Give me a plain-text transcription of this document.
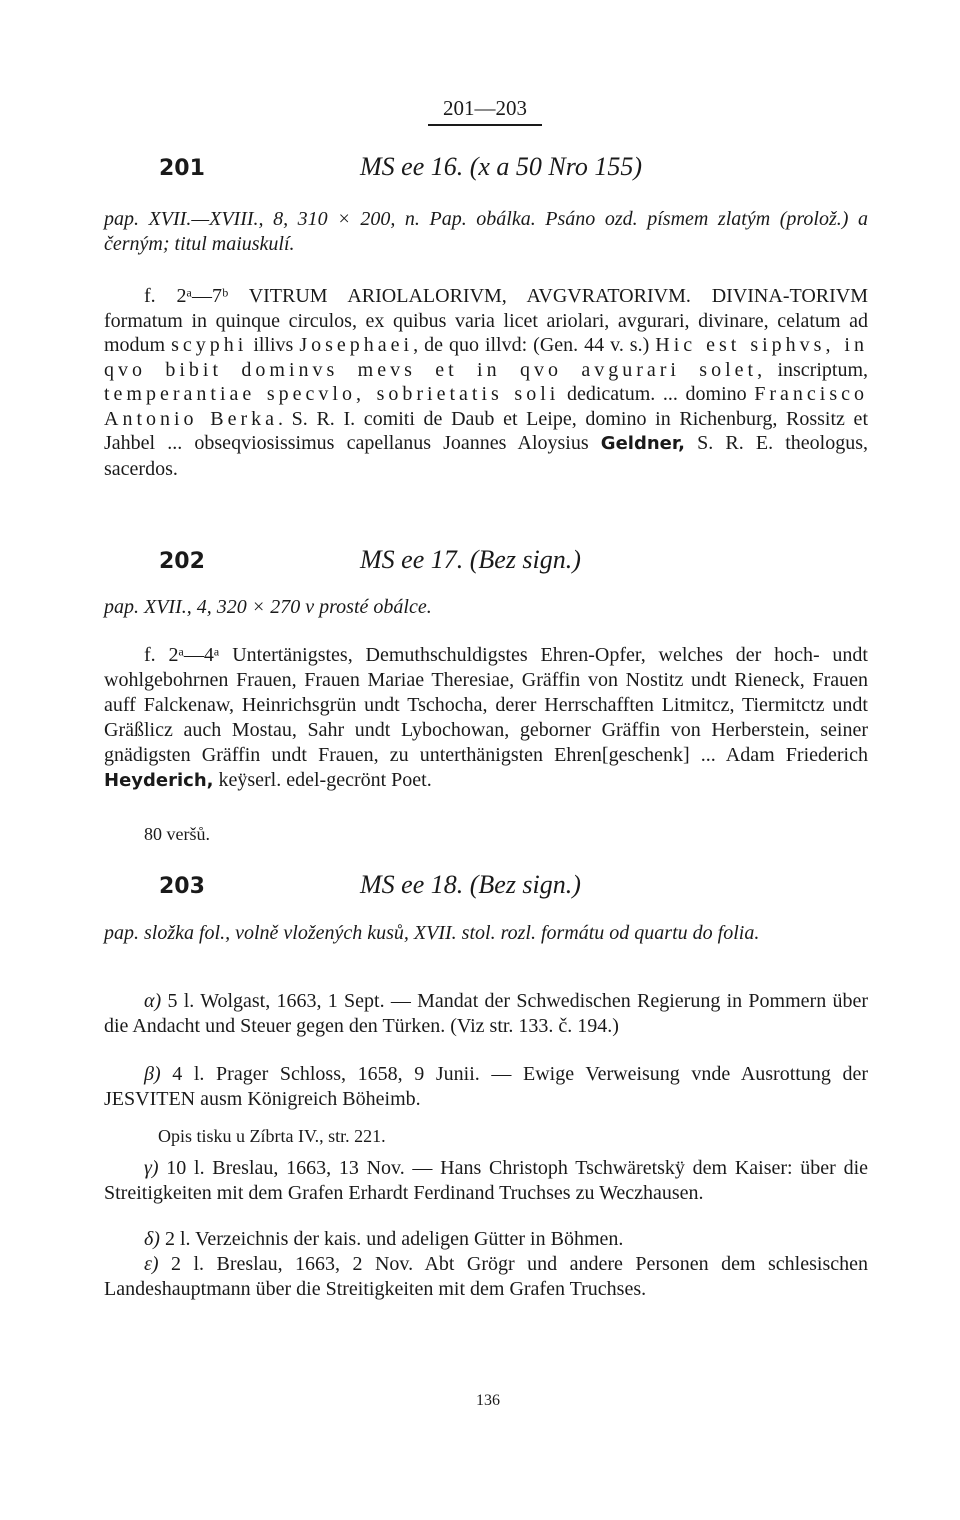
201—203
201	MS ee 16. (x a 50 Nro 155)
pap. XVII.—XVIII., 8, 310 × 200, n. Pap. obálka. Psáno ozd. písmem zlatým (prolož.) a černým; titul maiuskulí.
f. 2ᵃ—7ᵇ VITRUM ARIOLALORIVM, AVGVRATORIVM. DIVINA-TORIVM formatum in quinque circulos, ex quibus varia licet ariolari, avgurari, divinare, celatum ad modum scyphi illivs Josephaei, de quo illvd: (Gen. 44 v. s.) Hic est siphvs, in qvo bibit dominvs mevs et in qvo avgurari solet, inscriptum, temperantiae specvlo, sobrietatis soli dedicatum. ... domino Francisco Antonio Berka. S. R. I. comiti de Daub et Leipe, domino in Richenburg, Rossitz et Jahbel ... obseqviosissimus capellanus Joannes Aloysius Geldner, S. R. E. theologus, sacerdos.
202	MS ee 17. (Bez sign.)
pap. XVII., 4, 320 × 270 v prosté obálce.
f. 2ᵃ—4ᵃ Untertänigstes, Demuthschuldigstes Ehren-Opfer, welches der hoch- undt wohlgebohrnen Frauen, Frauen Mariae Theresiae, Gräffin von Nostitz undt Rieneck, Frauen auff Falckenaw, Heinrichsgrün undt Tschocha, derer Herrschafften Litmitcz, Tiermitctz undt Gräßlicz auch Mostau, Sahr undt Lybochowan, geborner Gräffin von Herberstein, seiner gnädigsten Gräffin undt Frauen, zu unterthänigsten Ehren[geschenk] ... Adam Friederich Heyderich, keÿserl. edel-gecrönt Poet.
80 veršů.
203	MS ee 18. (Bez sign.)
pap. složka fol., volně vložených kusů, XVII. stol. rozl. formátu od quartu do folia.
α) 5 l. Wolgast, 1663, 1 Sept. — Mandat der Schwedischen Regierung in Pommern über die Andacht und Steuer gegen den Türken. (Viz str. 133. č. 194.)
β) 4 l. Prager Schloss, 1658, 9 Junii. — Ewige Verweisung vnde Ausrottung der JESVITEN ausm Königreich Böheimb.
Opis tisku u Zíbrta IV., str. 221.
γ) 10 l. Breslau, 1663, 13 Nov. — Hans Christoph Tschwäretskÿ dem Kaiser: über die Streitigkeiten mit dem Grafen Erhardt Ferdinand Truchses zu Weczhausen.
δ) 2 l. Verzeichnis der kais. und adeligen Gütter in Böhmen.
ε) 2 l. Breslau, 1663, 2 Nov. Abt Grögr und andere Personen dem schlesischen Landeshauptmann über die Streitigkeiten mit dem Grafen Truchses.
136
